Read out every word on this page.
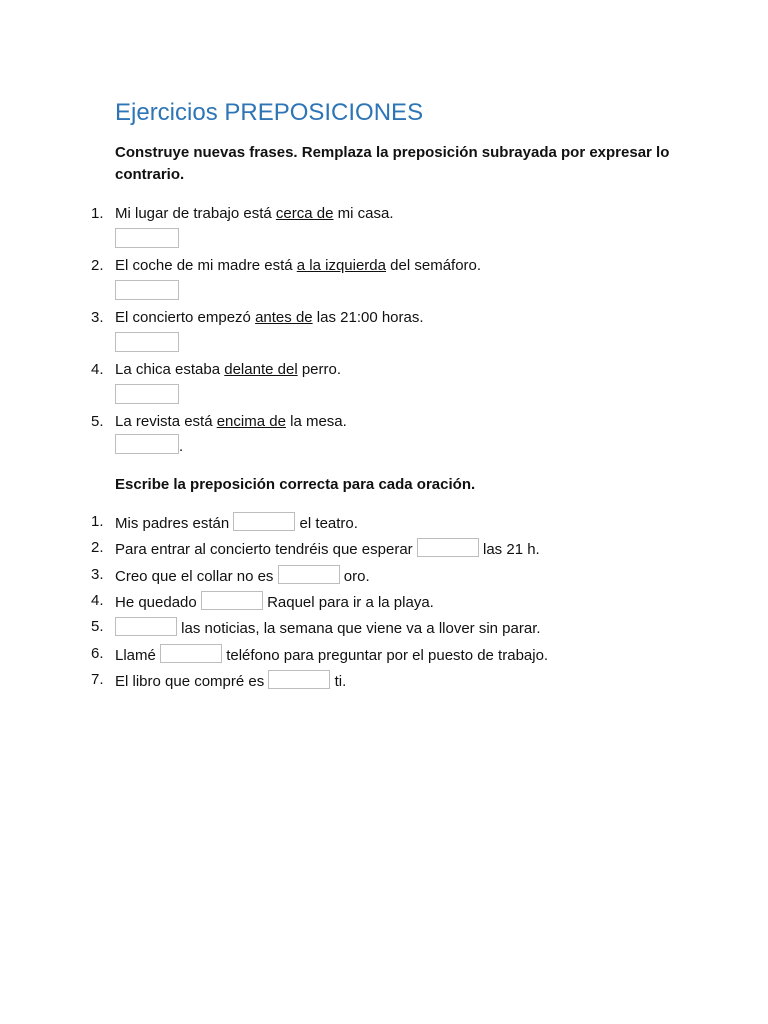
Ejercicios PREPOSICIONES
Construye nuevas frases. Remplaza la preposición subrayada por expresar lo contrario.
1. Mi lugar de trabajo está cerca de mi casa.
2. El coche de mi madre está a la izquierda del semáforo.
3. El concierto empezó antes de las 21:00 horas.
4. La chica estaba delante del perro.
5. La revista está encima de la mesa.
.
Escribe la preposición correcta para cada oración.
1. Mis padres están	el teatro.
2. Para entrar al concierto tendréis que esperar	las 21 h.
3. Creo que el collar no es	oro.
4. He quedado	Raquel para ir a la playa.
5.	las noticias, la semana que viene va a llover sin parar.
6. Llamé	teléfono para preguntar por el puesto de trabajo.
7. El libro que compré es	ti.
